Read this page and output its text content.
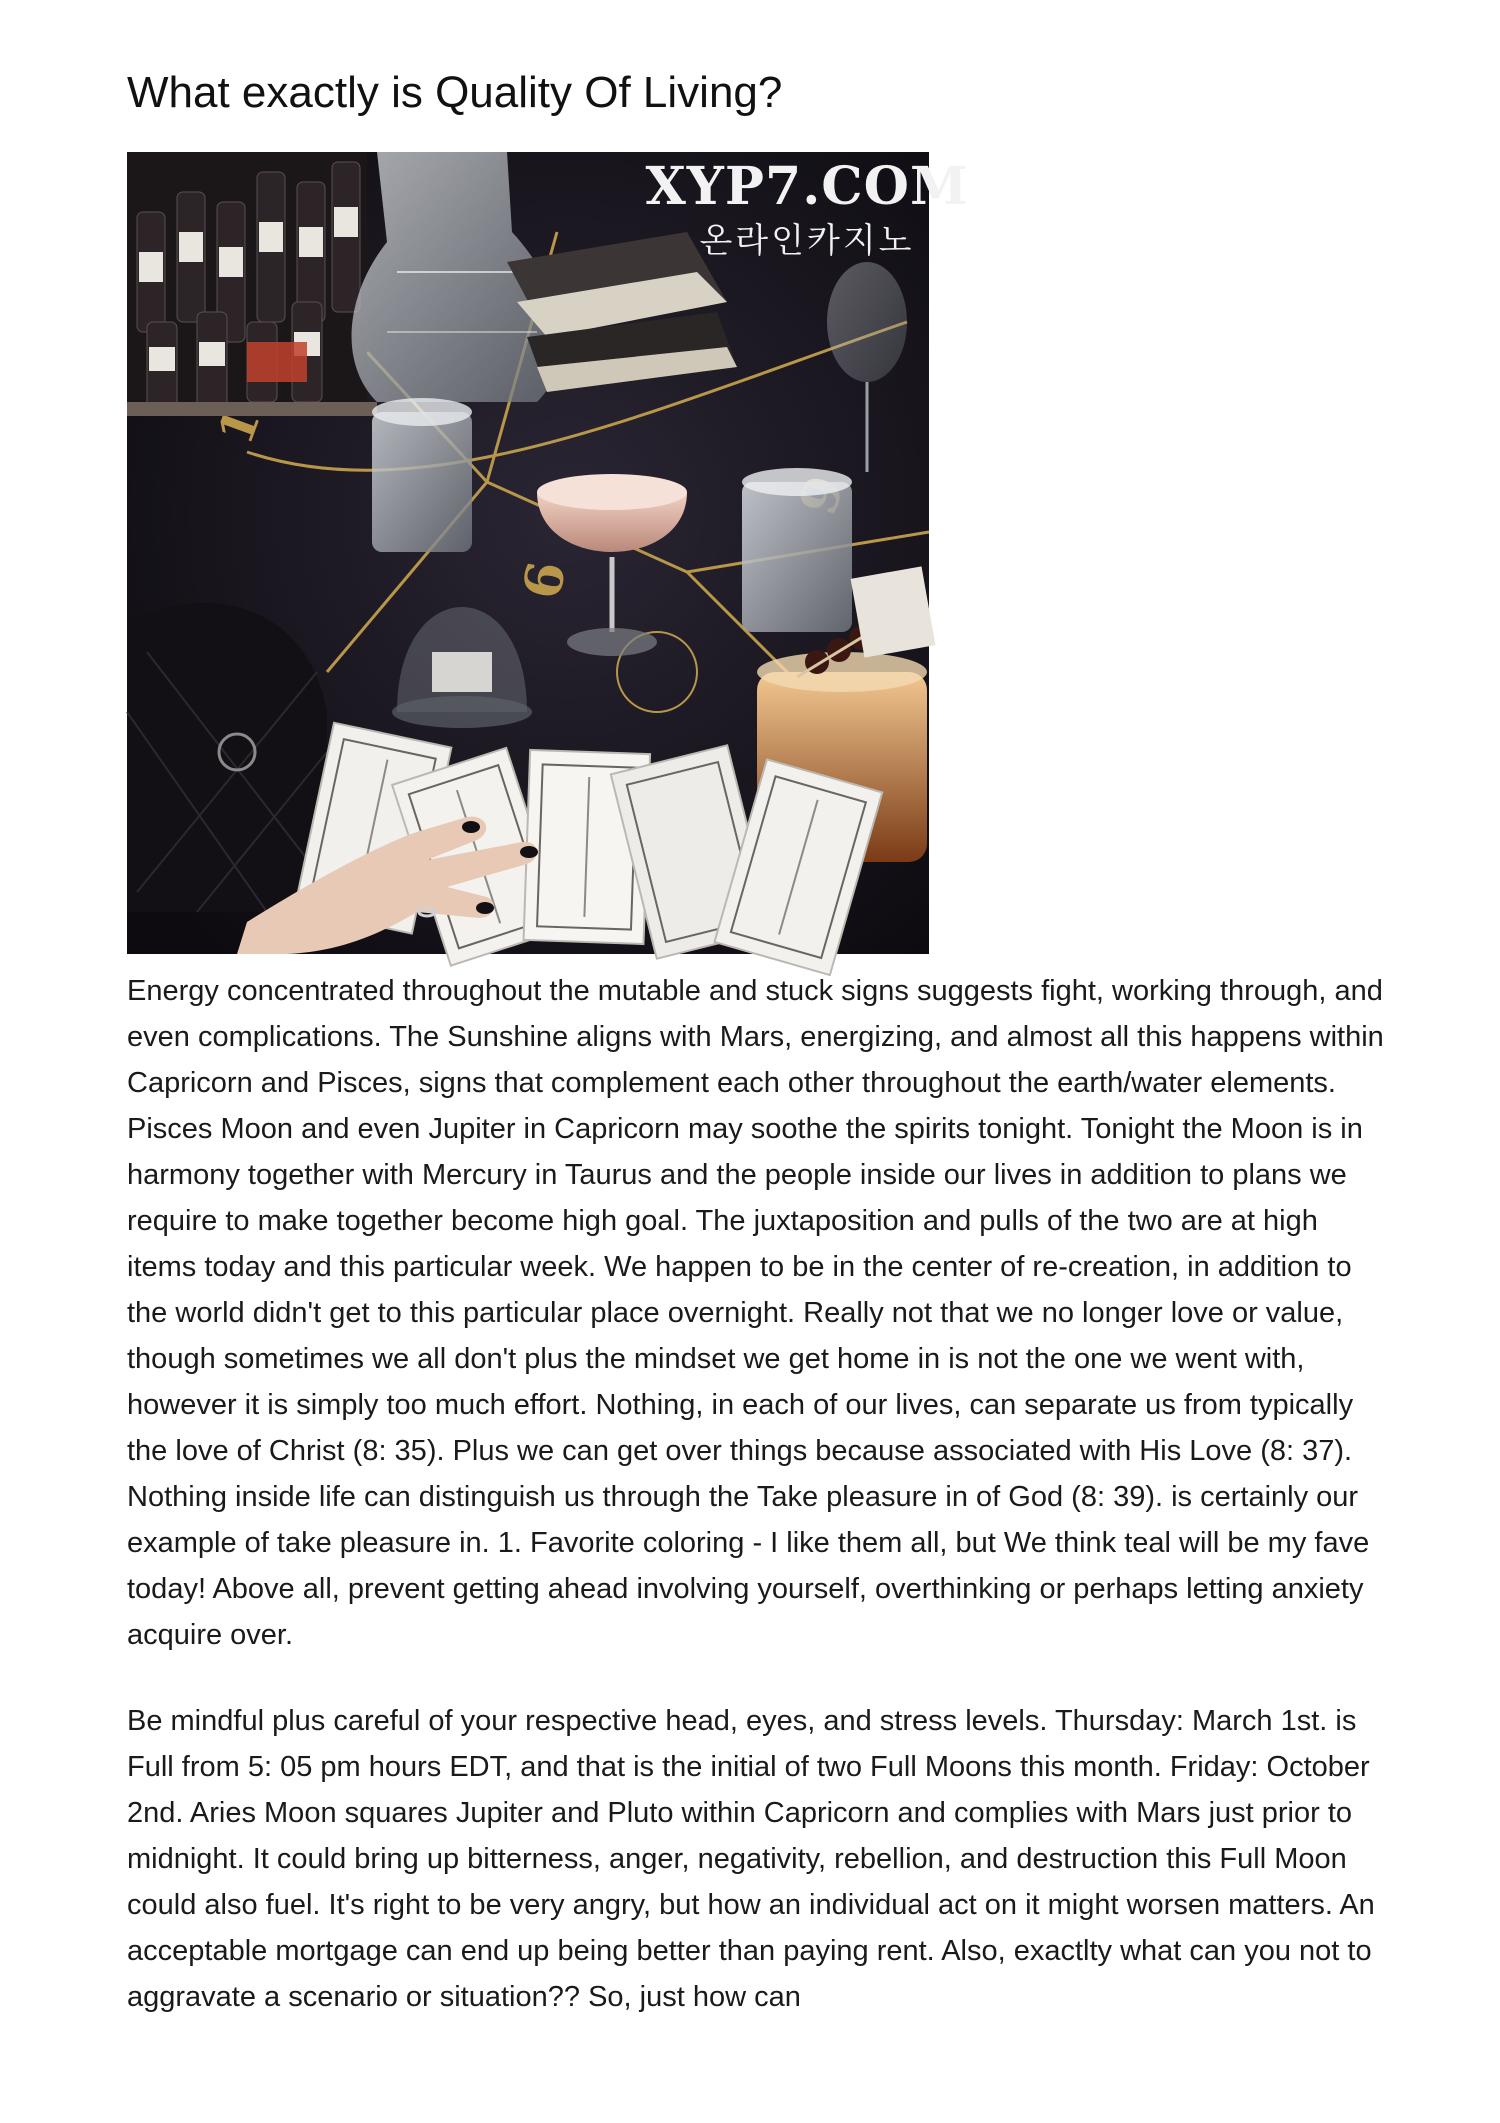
What exactly is Quality Of Living?
6
XYP7.COM
온라인카지노

Energy concentrated throughout the mutable and stuck signs suggests fight, working through, and even complications. The Sunshine aligns with Mars, energizing, and almost all this happens within Capricorn and Pisces, signs that complement each other throughout the earth/water elements. Pisces Moon and even Jupiter in Capricorn may soothe the spirits tonight. Tonight the Moon is in harmony together with Mercury in Taurus and the people inside our lives in addition to plans we require to make together become high goal. The juxtaposition and pulls of the two are at high items today and this particular week. We happen to be in the center of re-creation, in addition to the world didn't get to this particular place overnight. Really not that we no longer love or value, though sometimes we all don't plus the mindset we get home in is not the one we went with, however it is simply too much effort. Nothing, in each of our lives, can separate us from typically the love of Christ (8: 35). Plus we can get over things because associated with His Love (8: 37). Nothing inside life can distinguish us through the Take pleasure in of God (8: 39). is certainly our example of take pleasure in. 1. Favorite coloring - I like them all, but We think teal will be my fave today! Above all, prevent getting ahead involving yourself, overthinking or perhaps letting anxiety acquire over.

Be mindful plus careful of your respective head, eyes, and stress levels. Thursday: March 1st. is Full from 5: 05 pm hours EDT, and that is the initial of two Full Moons this month. Friday: October 2nd. Aries Moon squares Jupiter and Pluto within Capricorn and complies with Mars just prior to midnight. It could bring up bitterness, anger, negativity, rebellion, and destruction this Full Moon could also fuel. It's right to be very angry, but how an individual act on it might worsen matters. An acceptable mortgage can end up being better than paying rent. Also, exactlty what can you not to aggravate a scenario or situation?? So, just how can
